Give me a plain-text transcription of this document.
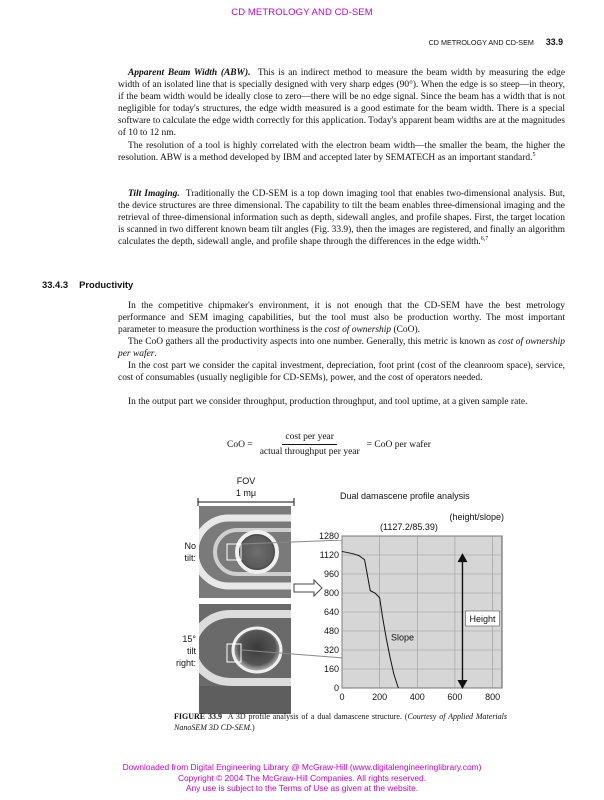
CD METROLOGY AND CD-SEM
CD METROLOGY AND CD-SEM 33.9
Apparent Beam Width (ABW). This is an indirect method to measure the beam width by measuring the edge width of an isolated line that is specially designed with very sharp edges (90°). When the edge is so steep—in theory, if the beam width would be ideally close to zero—there will be no edge signal. Since the beam has a width that is not negligible for today's structures, the edge width measured is a good estimate for the beam width. There is a special software to calculate the edge width correctly for this application. Today's apparent beam widths are at the magnitudes of 10 to 12 nm.
The resolution of a tool is highly correlated with the electron beam width—the smaller the beam, the higher the resolution. ABW is a method developed by IBM and accepted later by SEMATECH as an important standard.$^5$
Tilt Imaging. Traditionally the CD-SEM is a top down imaging tool that enables two-dimensional analysis. But, the device structures are three dimensional. The capability to tilt the beam enables three-dimensional imaging and the retrieval of three-dimensional information such as depth, sidewall angles, and profile shapes. First, the target location is scanned in two different known beam tilt angles (Fig. 33.9), then the images are registered, and finally an algorithm calculates the depth, sidewall angle, and profile shape through the differences in the edge width.$^{6,7}$
33.4.3 Productivity
In the competitive chipmaker's environment, it is not enough that the CD-SEM have the best metrology performance and SEM imaging capabilities, but the tool must also be production worthy. The most important parameter to measure the production worthiness is the cost of ownership (CoO).
The CoO gathers all the productivity aspects into one number. Generally, this metric is known as cost of ownership per wafer.
In the cost part we consider the capital investment, depreciation, foot print (cost of the cleanroom space), service, cost of consumables (usually negligible for CD-SEMs), power, and the cost of operators needed.
In the output part we consider throughput, production throughput, and tool uptime, at a given sample rate.
CoO = $\frac{\text{cost per year}}{\text{actual throughput per year}}$ = CoO per wafer
FOV
1 mμ
No
tilt:
15°
tilt
right:
Dual damascene profile analysis
0
160
320
480
640
800
960
1120
1280
0	200	400	600	800
Height
Slope
(1127.2/85.39)
(height/slope)
FIGURE 33.9 A 3D profile analysis of a dual damascene structure. (Courtesy of Applied Materials NanoSEM 3D CD-SEM.)
Downloaded from Digital Engineering Library @ McGraw-Hill (www.digitalengineeringlibrary.com)
Copyright © 2004 The McGraw-Hill Companies. All rights reserved.
Any use is subject to the Terms of Use as given at the website.
